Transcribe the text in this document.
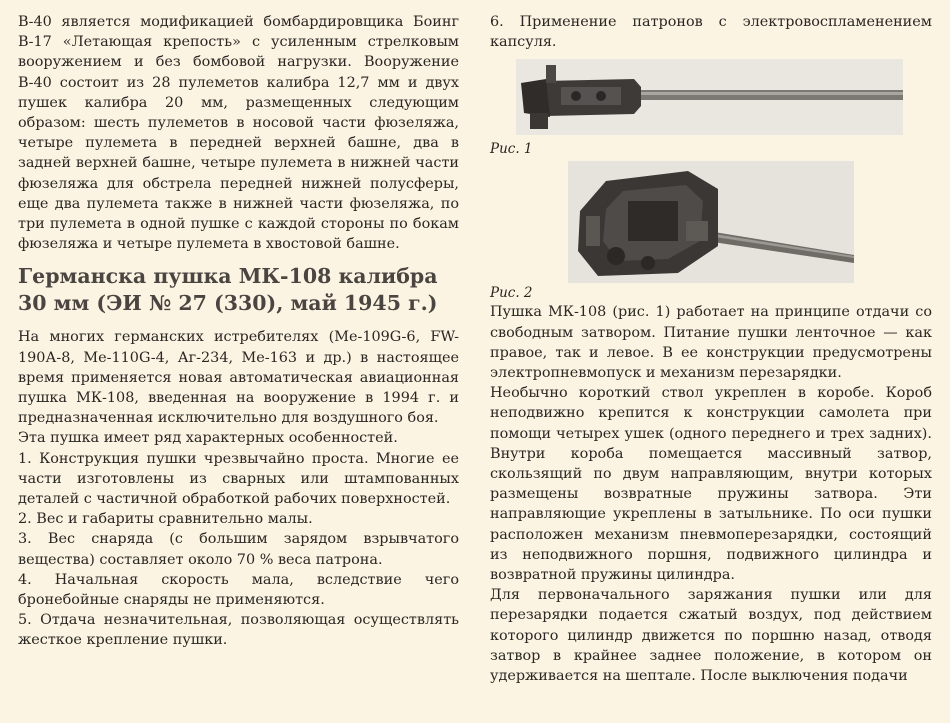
В-40 является модификацией бомбардировщика Боинг В-17 «Летающая крепость» с усиленным стрелковым вооружением и без бомбовой нагрузки. Вооружение В-40 состоит из 28 пулеметов калибра 12,7 мм и двух пушек калибра 20 мм, размещенных следующим образом: шесть пулеметов в носовой части фюзеляжа, четыре пулемета в передней верхней башне, два в задней верхней башне, четыре пулемета в нижней части фюзеляжа для обстрела передней нижней полусферы, еще два пулемета также в нижней части фюзеляжа, по три пулемета в одной пушке с каждой стороны по бокам фюзеляжа и четыре пулемета в хвостовой башне.

Германска пушка МК-108 калибра 30 мм (ЭИ № 27 (330), май 1945 г.)

На многих германских истребителях (Ме-109G-6, FW-190А-8, Ме-110G-4, Аг-234, Ме-163 и др.) в настоящее время применяется новая автоматическая авиационная пушка МК-108, введенная на вооружение в 1994 г. и предназначенная исключительно для воздушного боя.

Эта пушка имеет ряд характерных особенностей.

1. Конструкция пушки чрезвычайно проста. Многие ее части изготовлены из сварных или штампованных деталей с частичной обработкой рабочих поверхностей.

2. Вес и габариты сравнительно малы.

3. Вес снаряда (с большим зарядом взрывчатого вещества) составляет около 70 % веса патрона.

4. Начальная скорость мала, вследствие чего бронебойные снаряды не применяются.

5. Отдача незначительная, позволяющая осуществлять жесткое крепление пушки.

6. Применение патронов с электровоспламенением капсуля.

Рис. 1

Рис. 2

Пушка МК-108 (рис. 1) работает на принципе отдачи со свободным затвором. Питание пушки ленточное — как правое, так и левое. В ее конструкции предусмотрены электропневмопуск и механизм перезарядки.

Необычно короткий ствол укреплен в коробе. Короб неподвижно крепится к конструкции самолета при помощи четырех ушек (одного переднего и трех задних). Внутри короба помещается массивный затвор, скользящий по двум направляющим, внутри которых размещены возвратные пружины затвора. Эти направляющие укреплены в затыльнике. По оси пушки расположен механизм пневмоперезарядки, состоящий из неподвижного поршня, подвижного цилиндра и возвратной пружины цилиндра.

Для первоначального заряжания пушки или для перезарядки подается сжатый воздух, под действием которого цилиндр движется по поршню назад, отводя затвор в крайнее заднее положение, в котором он удерживается на шептале. После выключения подачи
